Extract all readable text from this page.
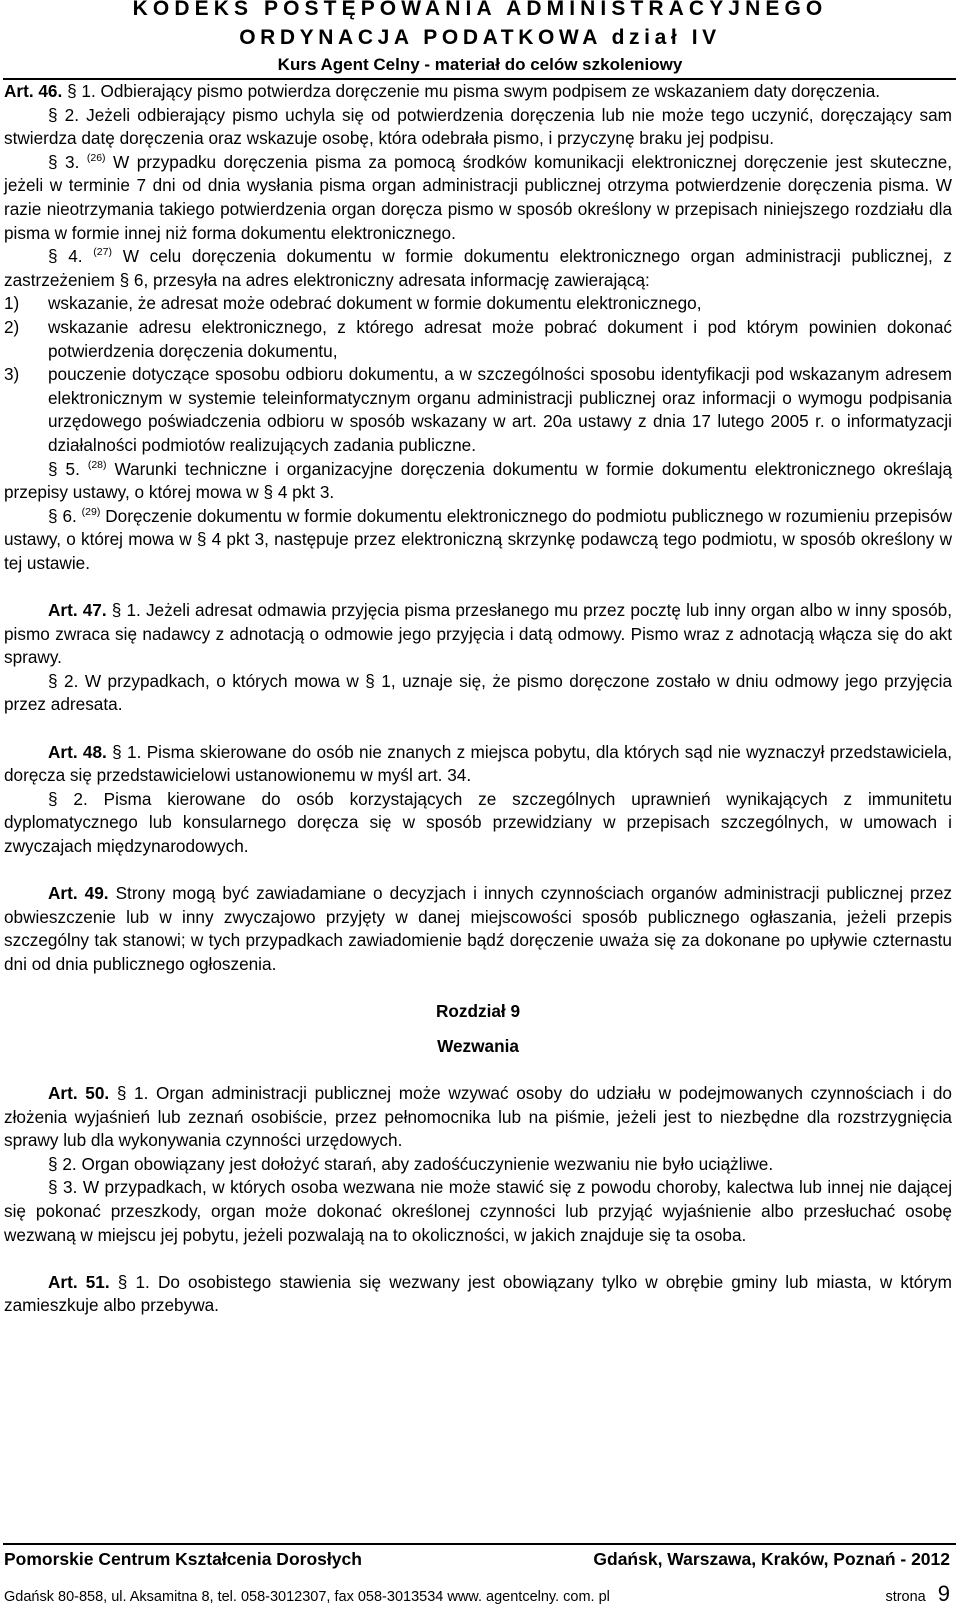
KODEKS POSTĘPOWANIA ADMINISTRACYJNEGO
ORDYNACJA PODATKOWA dział IV
Kurs Agent Celny - materiał do celów szkoleniowy

Art. 46. § 1. Odbierający pismo potwierdza doręczenie mu pisma swym podpisem ze wskazaniem daty doręczenia.

§ 2. Jeżeli odbierający pismo uchyla się od potwierdzenia doręczenia lub nie może tego uczynić, doręczający sam stwierdza datę doręczenia oraz wskazuje osobę, która odebrała pismo, i przyczynę braku jej podpisu.

§ 3. $^{(26)}$ W przypadku doręczenia pisma za pomocą środków komunikacji elektronicznej doręczenie jest skuteczne, jeżeli w terminie 7 dni od dnia wysłania pisma organ administracji publicznej otrzyma potwierdzenie doręczenia pisma. W razie nieotrzymania takiego potwierdzenia organ doręcza pismo w sposób określony w przepisach niniejszego rozdziału dla pisma w formie innej niż forma dokumentu elektronicznego.

§ 4. $^{(27)}$ W celu doręczenia dokumentu w formie dokumentu elektronicznego organ administracji publicznej, z zastrzeżeniem § 6, przesyła na adres elektroniczny adresata informację zawierającą:

1)	wskazanie, że adresat może odebrać dokument w formie dokumentu elektronicznego,
2)	wskazanie adresu elektronicznego, z którego adresat może pobrać dokument i pod którym powinien dokonać potwierdzenia doręczenia dokumentu,
3)	pouczenie dotyczące sposobu odbioru dokumentu, a w szczególności sposobu identyfikacji pod wskazanym adresem elektronicznym w systemie teleinformatycznym organu administracji publicznej oraz informacji o wymogu podpisania urzędowego poświadczenia odbioru w sposób wskazany w art. 20a ustawy z dnia 17 lutego 2005 r. o informatyzacji działalności podmiotów realizujących zadania publiczne.

§ 5. $^{(28)}$ Warunki techniczne i organizacyjne doręczenia dokumentu w formie dokumentu elektronicznego określają przepisy ustawy, o której mowa w § 4 pkt 3.

§ 6. $^{(29)}$ Doręczenie dokumentu w formie dokumentu elektronicznego do podmiotu publicznego w rozumieniu przepisów ustawy, o której mowa w § 4 pkt 3, następuje przez elektroniczną skrzynkę podawczą tego podmiotu, w sposób określony w tej ustawie.

Art. 47. § 1. Jeżeli adresat odmawia przyjęcia pisma przesłanego mu przez pocztę lub inny organ albo w inny sposób, pismo zwraca się nadawcy z adnotacją o odmowie jego przyjęcia i datą odmowy. Pismo wraz z adnotacją włącza się do akt sprawy.

§ 2. W przypadkach, o których mowa w § 1, uznaje się, że pismo doręczone zostało w dniu odmowy jego przyjęcia przez adresata.

Art. 48. § 1. Pisma skierowane do osób nie znanych z miejsca pobytu, dla których sąd nie wyznaczył przedstawiciela, doręcza się przedstawicielowi ustanowionemu w myśl art. 34.

§ 2. Pisma kierowane do osób korzystających ze szczególnych uprawnień wynikających z immunitetu dyplomatycznego lub konsularnego doręcza się w sposób przewidziany w przepisach szczególnych, w umowach i zwyczajach międzynarodowych.

Art. 49. Strony mogą być zawiadamiane o decyzjach i innych czynnościach organów administracji publicznej przez obwieszczenie lub w inny zwyczajowo przyjęty w danej miejscowości sposób publicznego ogłaszania, jeżeli przepis szczególny tak stanowi; w tych przypadkach zawiadomienie bądź doręczenie uważa się za dokonane po upływie czternastu dni od dnia publicznego ogłoszenia.

Rozdział 9

Wezwania

Art. 50. § 1. Organ administracji publicznej może wzywać osoby do udziału w podejmowanych czynnościach i do złożenia wyjaśnień lub zeznań osobiście, przez pełnomocnika lub na piśmie, jeżeli jest to niezbędne dla rozstrzygnięcia sprawy lub dla wykonywania czynności urzędowych.

§ 2. Organ obowiązany jest dołożyć starań, aby zadośćuczynienie wezwaniu nie było uciążliwe.

§ 3. W przypadkach, w których osoba wezwana nie może stawić się z powodu choroby, kalectwa lub innej nie dającej się pokonać przeszkody, organ może dokonać określonej czynności lub przyjąć wyjaśnienie albo przesłuchać osobę wezwaną w miejscu jej pobytu, jeżeli pozwalają na to okoliczności, w jakich znajduje się ta osoba.

Art. 51. § 1. Do osobistego stawienia się wezwany jest obowiązany tylko w obrębie gminy lub miasta, w którym zamieszkuje albo przebywa.

Pomorskie Centrum Kształcenia Dorosłych	Gdańsk, Warszawa, Kraków, Poznań - 2012
Gdańsk 80-858, ul. Aksamitna 8, tel. 058-3012307, fax 058-3013534 www. agentcelny. com. pl	strona 9
